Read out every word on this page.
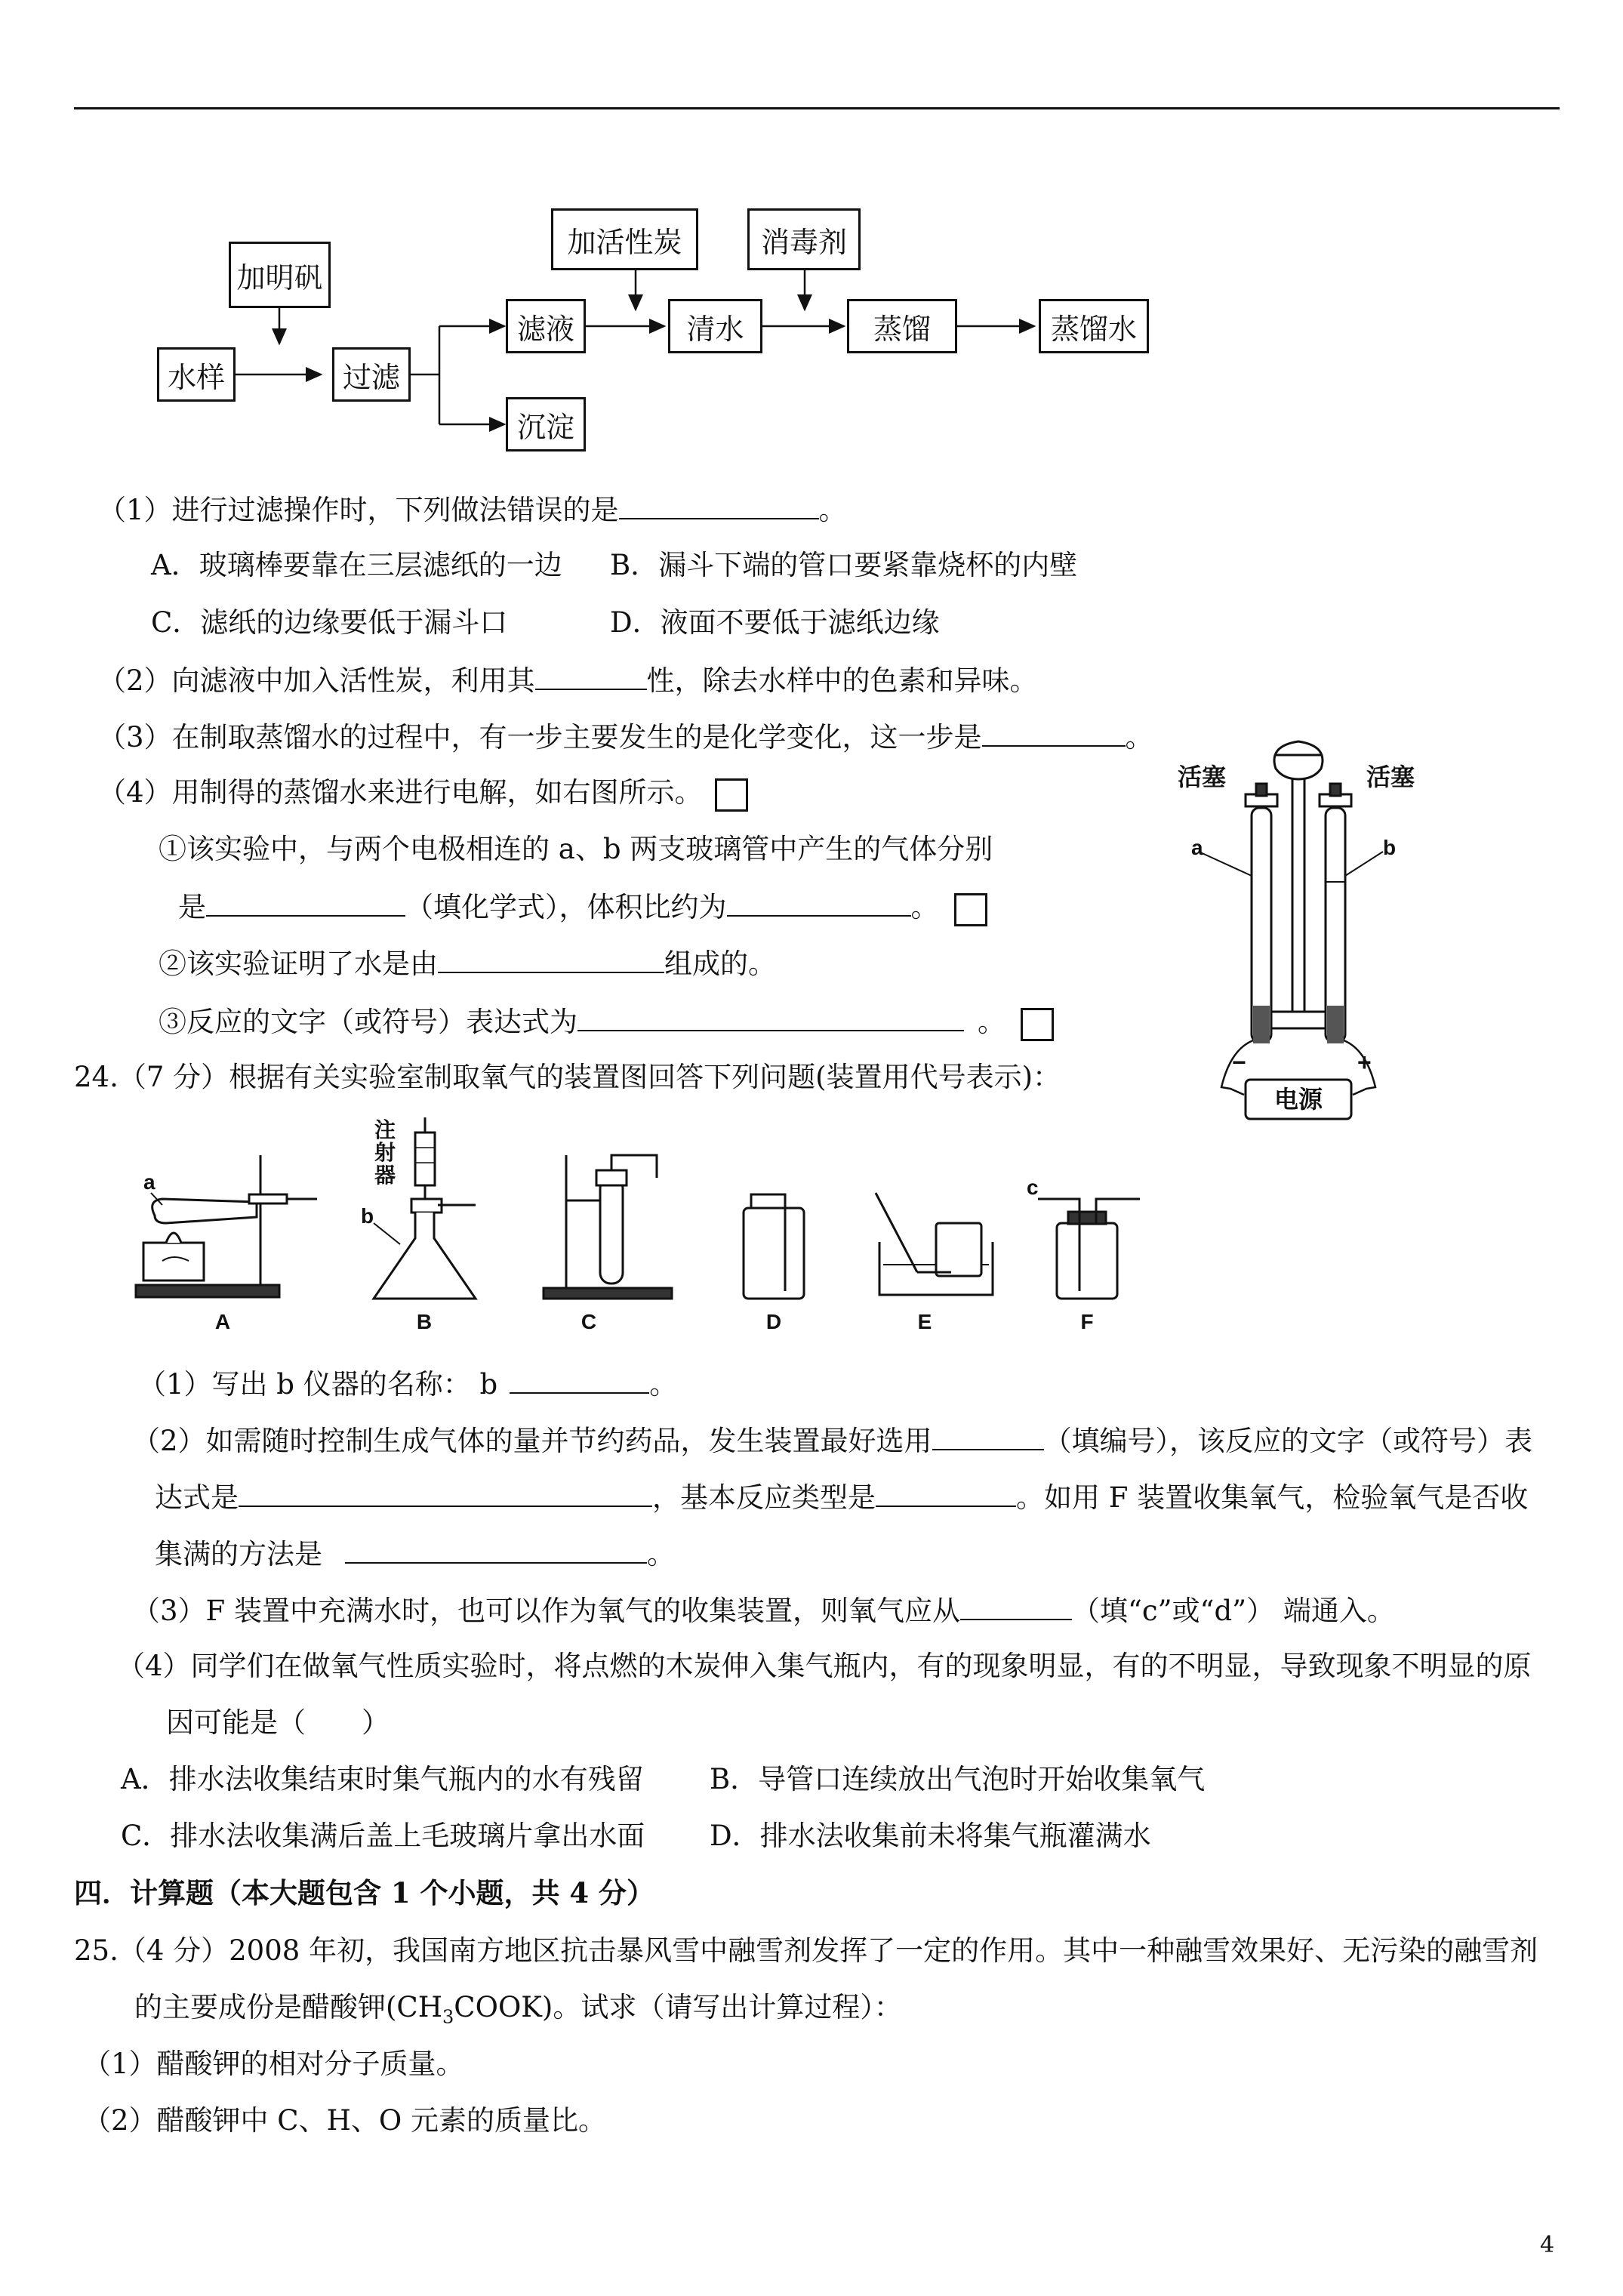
加明矾
水样	过滤
滤液
沉淀
加活性炭
清水
消毒剂
蒸馏	蒸馏水
（1）进行过滤操作时，下列做法错误的是	。
A．玻璃棒要靠在三层滤纸的一边 B．漏斗下端的管口要紧靠烧杯的内壁
C．滤纸的边缘要低于漏斗口	D．液面不要低于滤纸边缘
（2）向滤液中加入活性炭，利用其	性，除去水样中的色素和异味。
（3）在制取蒸馏水的过程中，有一步主要发生的是化学变化，这一步是	。
（4）用制得的蒸馏水来进行电解，如右图所示。
①该实验中，与两个电极相连的 a、b 两支玻璃管中产生的气体分别
是	（填化学式），体积比约为	。
②该实验证明了水是由	组成的。
③反应的文字（或符号）表达式为	。
电源
活塞	活塞
a	b
−	+
24.（7 分）根据有关实验室制取氧气的装置图回答下列问题(装置用代号表示)：
a
b
c
注
射
器
A	B	C	D	E	F
（1）写出 b 仪器的名称： b	。
（2）如需随时控制生成气体的量并节约药品，发生装置最好选用	（填编号），该反应的文字（或符号）表
达式是	，基本反应类型是	。如用 F 装置收集氧气，检验氧气是否收
集满的方法是	。
（3）F 装置中充满水时，也可以作为氧气的收集装置，则氧气应从	（填“c”或“d”） 端通入。
（4）同学们在做氧气性质实验时，将点燃的木炭伸入集气瓶内，有的现象明显，有的不明显，导致现象不明显的原
因可能是（　　）
A．排水法收集结束时集气瓶内的水有残留 B．导管口连续放出气泡时开始收集氧气
C．排水法收集满后盖上毛玻璃片拿出水面 D．排水法收集前未将集气瓶灌满水
四．计算题（本大题包含 1 个小题，共 4 分）
25.（4 分）2008 年初，我国南方地区抗击暴风雪中融雪剂发挥了一定的作用。其中一种融雪效果好、无污染的融雪剂
的主要成份是醋酸钾$(CH_3COOK)$。试求（请写出计算过程）：
（1）醋酸钾的相对分子质量。
（2）醋酸钾中 C、H、O 元素的质量比。
4
